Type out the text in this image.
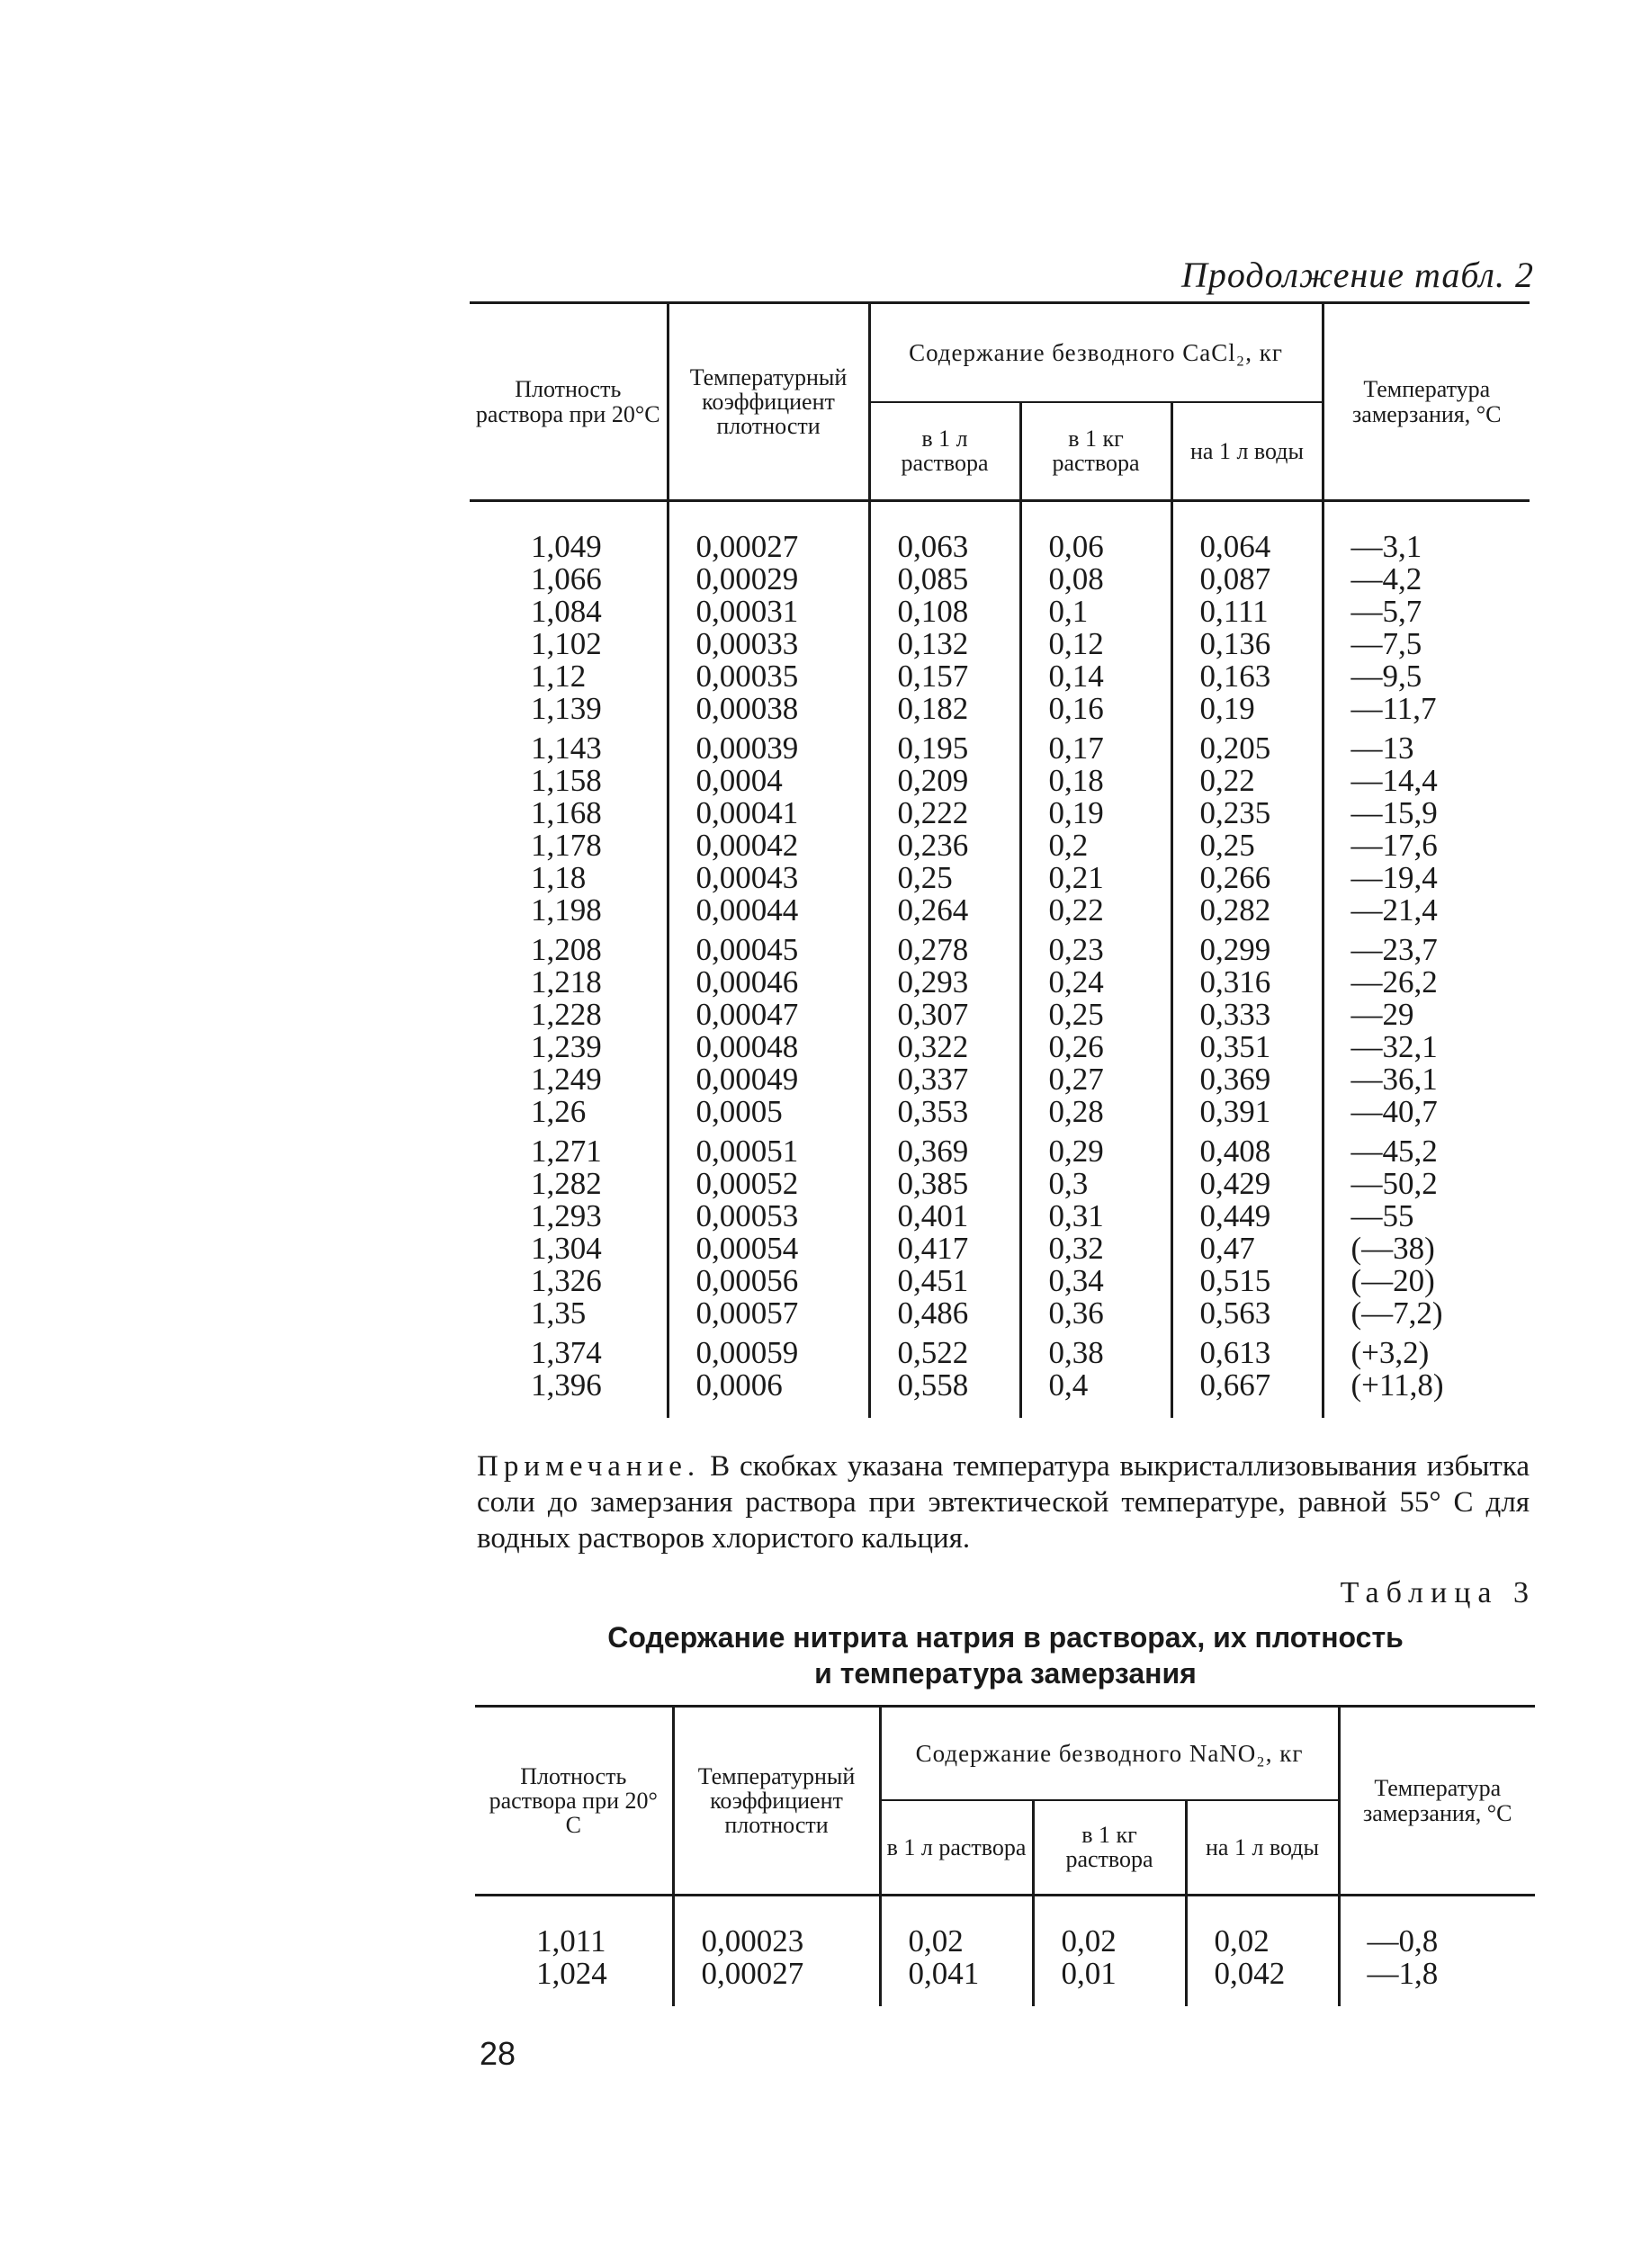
Продолжение табл. 2
Плотность раствора при 20°С	Температурный коэффициент плотности	Содержание безводного CaCl₂, кг			Температура замерзания, °С
		в 1 л раствора	в 1 кг раствора	на 1 л воды	
1,049	0,00027	0,063	0,06	0,064	—3,1
1,066	0,00029	0,085	0,08	0,087	—4,2
1,084	0,00031	0,108	0,1	0,111	—5,7
1,102	0,00033	0,132	0,12	0,136	—7,5
1,12	0,00035	0,157	0,14	0,163	—9,5
1,139	0,00038	0,182	0,16	0,19	—11,7
1,143	0,00039	0,195	0,17	0,205	—13
1,158	0,0004	0,209	0,18	0,22	—14,4
1,168	0,00041	0,222	0,19	0,235	—15,9
1,178	0,00042	0,236	0,2	0,25	—17,6
1,18	0,00043	0,25	0,21	0,266	—19,4
1,198	0,00044	0,264	0,22	0,282	—21,4
1,208	0,00045	0,278	0,23	0,299	—23,7
1,218	0,00046	0,293	0,24	0,316	—26,2
1,228	0,00047	0,307	0,25	0,333	—29
1,239	0,00048	0,322	0,26	0,351	—32,1
1,249	0,00049	0,337	0,27	0,369	—36,1
1,26	0,0005	0,353	0,28	0,391	—40,7
1,271	0,00051	0,369	0,29	0,408	—45,2
1,282	0,00052	0,385	0,3	0,429	—50,2
1,293	0,00053	0,401	0,31	0,449	—55
1,304	0,00054	0,417	0,32	0,47	(—38)
1,326	0,00056	0,451	0,34	0,515	(—20)
1,35	0,00057	0,486	0,36	0,563	(—7,2)
1,374	0,00059	0,522	0,38	0,613	(+3,2)
1,396	0,0006	0,558	0,4	0,667	(+11,8)
Примечание. В скобках указана температура выкристаллизовывания избытка соли до замерзания раствора при эвтектической температуре, равной 55° С для водных растворов хлористого кальция.
Таблица 3
Содержание нитрита натрия в растворах, их плотность
и температура замерзания
Плотность раствора при 20° С	Температурный коэффициент плотности	Содержание безводного NaNO₂, кг			Температура замерзания, °С
		в 1 л раствора	в 1 кг раствора	на 1 л воды	
1,011	0,00023	0,02	0,02	0,02	—0,8
1,024	0,00027	0,041	0,01	0,042	—1,8
28
